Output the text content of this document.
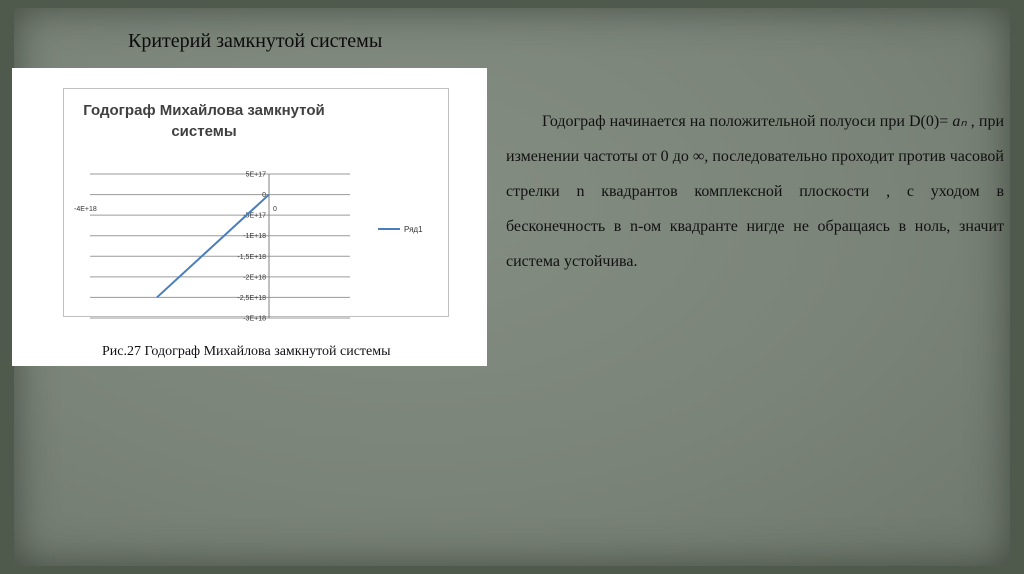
Критерий замкнутой системы
Годограф Михайлова замкнутой
системы
5E+17
0
-5E+17
-1E+18
-1,5E+18
-2E+18
-2,5E+18
-3E+18
-4E+18	0
Ряд1
Рис.27 Годограф Михайлова замкнутой системы

Годограф начинается на положительной полуоси при D(0)= aₙ , при изменении частоты от 0 до ∞, последовательно проходит против часовой стрелки n квадрантов комплексной плоскости , с уходом в бесконечность в n-ом квадранте нигде не обращаясь в ноль, значит система устойчива.
